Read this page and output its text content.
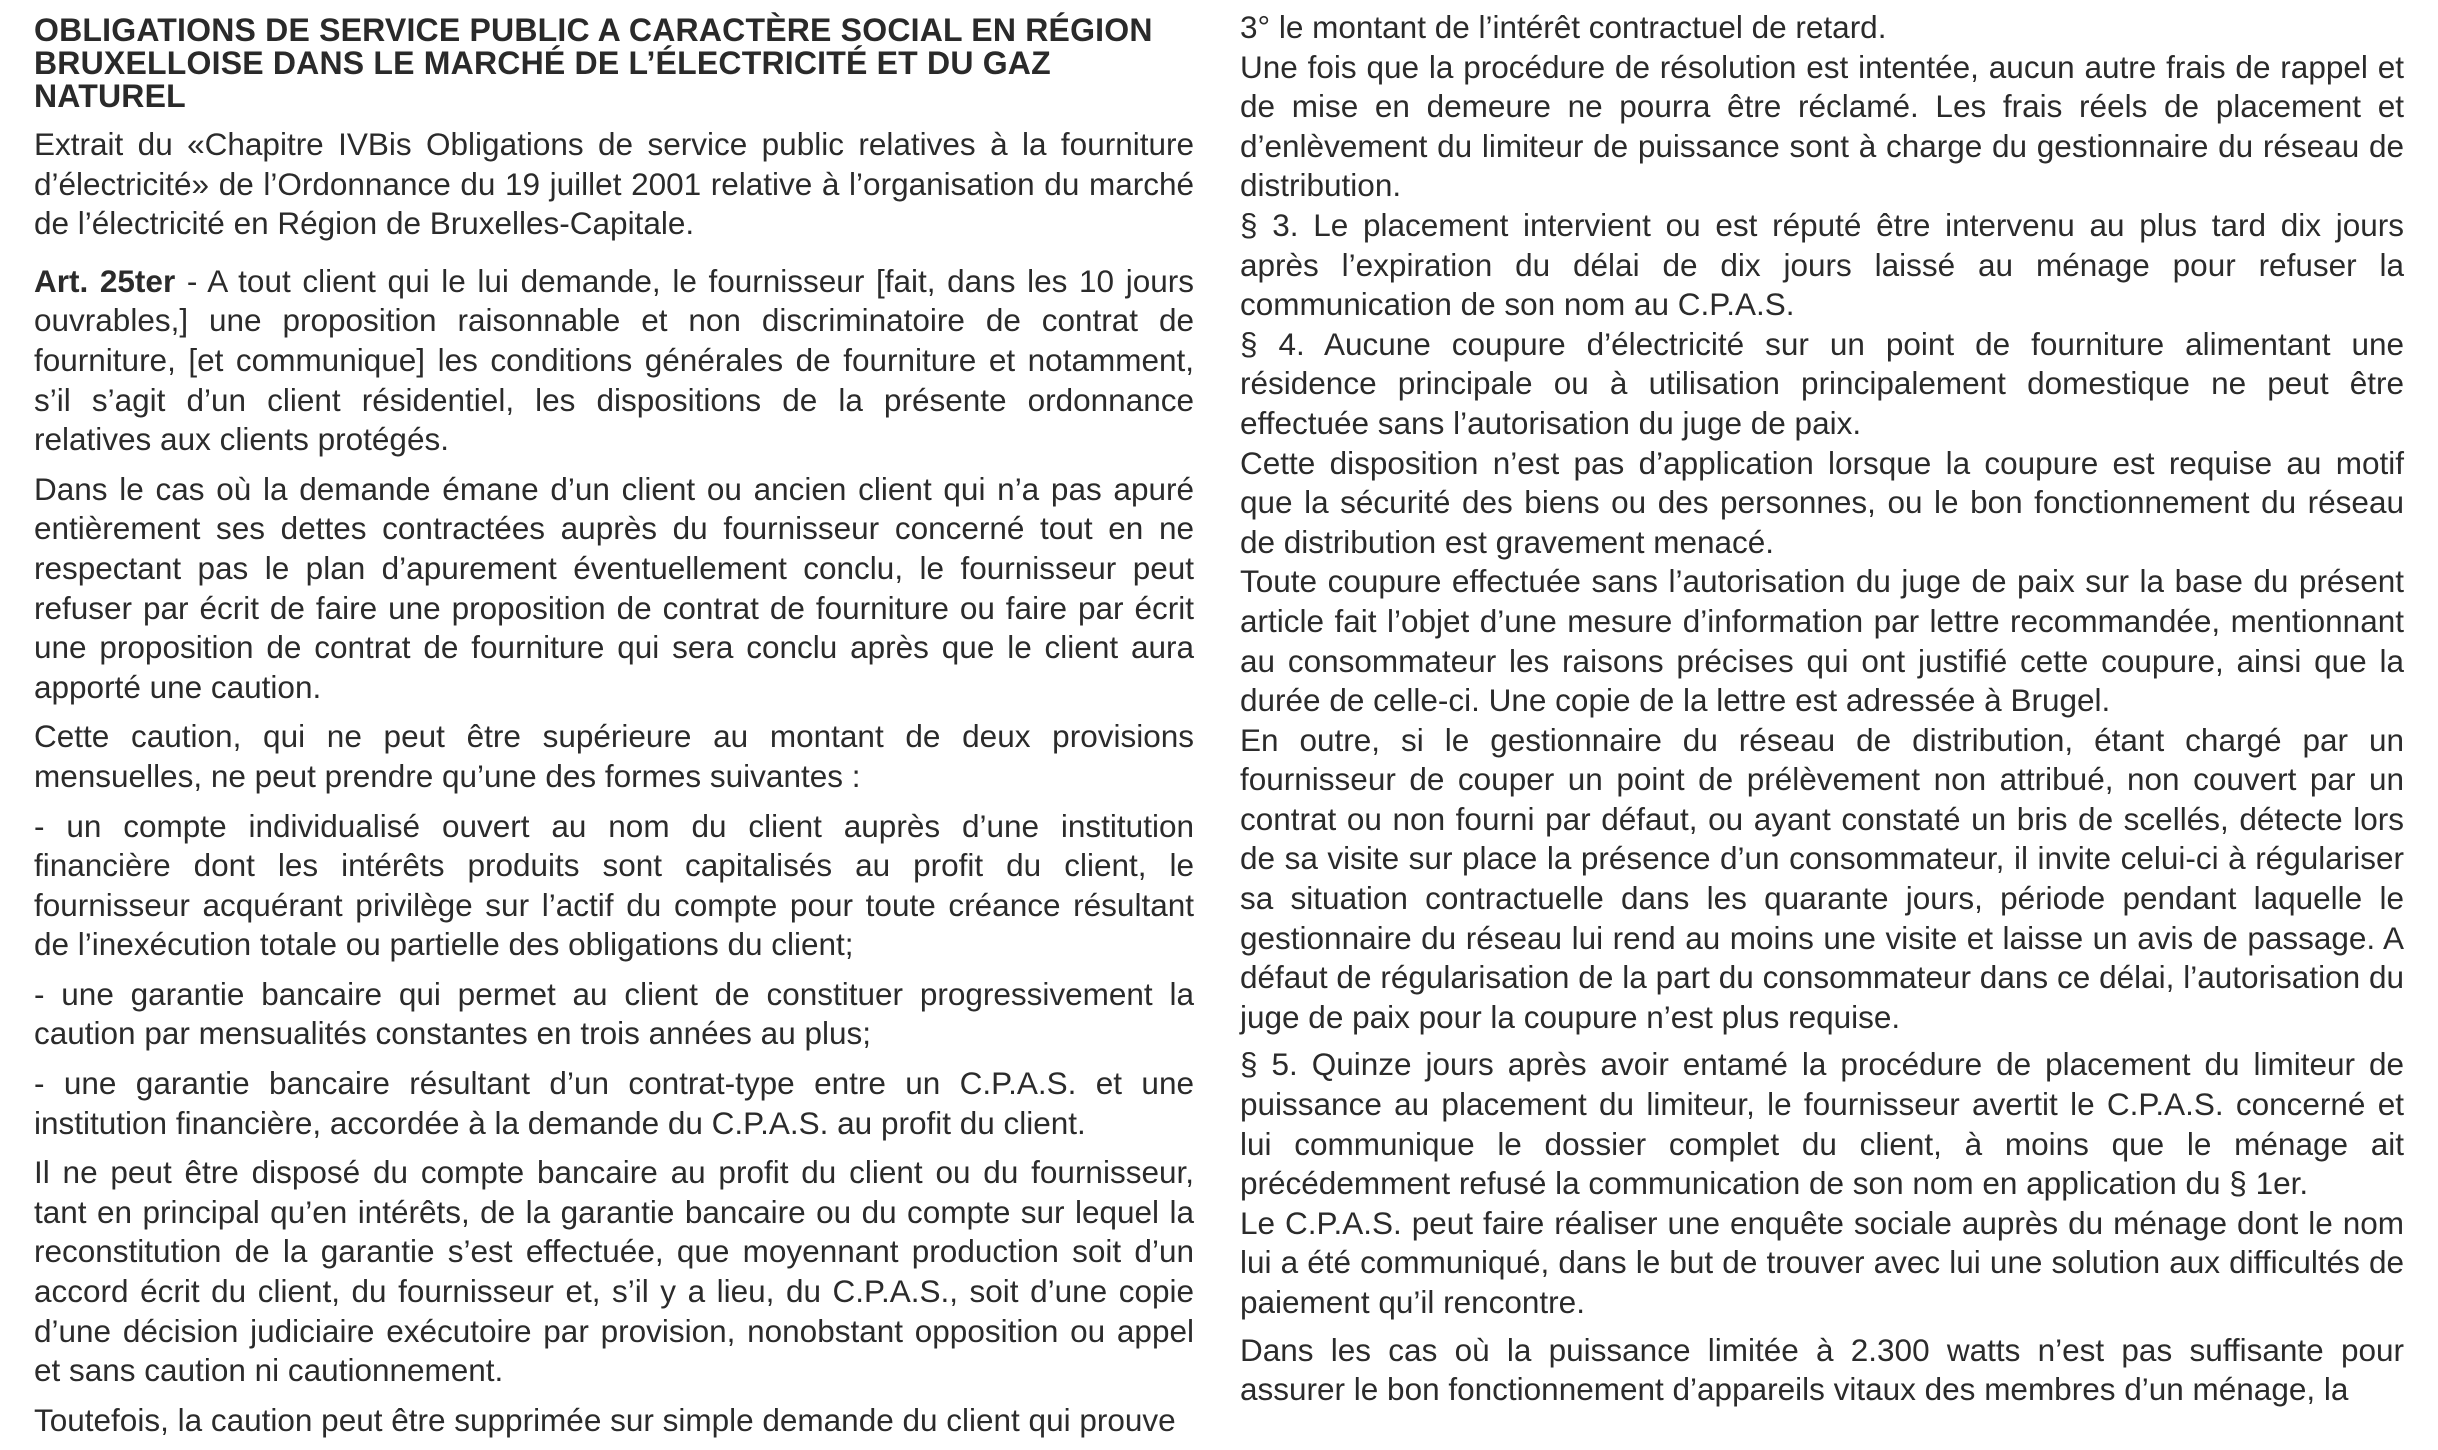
OBLIGATIONS DE SERVICE PUBLIC A CARACTÈRE SOCIAL EN RÉGION
BRUXELLOISE DANS LE MARCHÉ DE L’ÉLECTRICITÉ ET DU GAZ NATUREL

Extrait du «Chapitre IVBis Obligations de service public relatives à la fourniture d’électricité» de l’Ordonnance du 19 juillet 2001 relative à l’organisation du marché de l’électricité en Région de Bruxelles-Capitale.

Art. 25ter - A tout client qui le lui demande, le fournisseur [fait, dans les 10 jours ouvrables,] une proposition raisonnable et non discriminatoire de contrat de fourniture, [et communique] les conditions générales de fourniture et notamment, s’il s’agit d’un client résidentiel, les dispositions de la présente ordonnance relatives aux clients protégés.

Dans le cas où la demande émane d’un client ou ancien client qui n’a pas apuré entièrement ses dettes contractées auprès du fournisseur concerné tout en ne respectant pas le plan d’apurement éventuellement conclu, le fournisseur peut refuser par écrit de faire une proposition de contrat de fourniture ou faire par écrit une proposition de contrat de fourniture qui sera conclu après que le client aura apporté une caution.

Cette caution, qui ne peut être supérieure au montant de deux provisions mensuelles, ne peut prendre qu’une des formes suivantes :

- un compte individualisé ouvert au nom du client auprès d’une institution financière dont les intérêts produits sont capitalisés au profit du client, le fournisseur acquérant privilège sur l’actif du compte pour toute créance résultant de l’inexécution totale ou partielle des obligations du client;

- une garantie bancaire qui permet au client de constituer progressivement la caution par mensualités constantes en trois années au plus;

- une garantie bancaire résultant d’un contrat-type entre un C.P.A.S. et une institution financière, accordée à la demande du C.P.A.S. au profit du client.

Il ne peut être disposé du compte bancaire au profit du client ou du fournisseur, tant en principal qu’en intérêts, de la garantie bancaire ou du compte sur lequel la reconstitution de la garantie s’est effectuée, que moyennant production soit d’un accord écrit du client, du fournisseur et, s’il y a lieu, du C.P.A.S., soit d’une copie d’une décision judiciaire exécutoire par provision, nonobstant opposition ou appel et sans caution ni cautionnement.

Toutefois, la caution peut être supprimée sur simple demande du client qui prouve

3° le montant de l’intérêt contractuel de retard.

Une fois que la procédure de résolution est intentée, aucun autre frais de rappel et de mise en demeure ne pourra être réclamé. Les frais réels de placement et d’enlèvement du limiteur de puissance sont à charge du gestionnaire du réseau de distribution.

§ 3. Le placement intervient ou est réputé être intervenu au plus tard dix jours après l’expiration du délai de dix jours laissé au ménage pour refuser la communication de son nom au C.P.A.S.

§ 4. Aucune coupure d’électricité sur un point de fourniture alimentant une résidence principale ou à utilisation principalement domestique ne peut être effectuée sans l’autorisation du juge de paix.

Cette disposition n’est pas d’application lorsque la coupure est requise au motif que la sécurité des biens ou des personnes, ou le bon fonctionnement du réseau de distribution est gravement menacé.

Toute coupure effectuée sans l’autorisation du juge de paix sur la base du présent article fait l’objet d’une mesure d’information par lettre recommandée, mentionnant au consommateur les raisons précises qui ont justifié cette coupure, ainsi que la durée de celle-ci. Une copie de la lettre est adressée à Brugel.

En outre, si le gestionnaire du réseau de distribution, étant chargé par un fournisseur de couper un point de prélèvement non attribué, non couvert par un contrat ou non fourni par défaut, ou ayant constaté un bris de scellés, détecte lors de sa visite sur place la présence d’un consommateur, il invite celui-ci à régulariser sa situation contractuelle dans les quarante jours, période pendant laquelle le gestionnaire du réseau lui rend au moins une visite et laisse un avis de passage. A défaut de régularisation de la part du consommateur dans ce délai, l’autorisation du juge de paix pour la coupure n’est plus requise.

§ 5. Quinze jours après avoir entamé la procédure de placement du limiteur de puissance au placement du limiteur, le fournisseur avertit le C.P.A.S. concerné et lui communique le dossier complet du client, à moins que le ménage ait précédemment refusé la communication de son nom en application du § 1er.

Le C.P.A.S. peut faire réaliser une enquête sociale auprès du ménage dont le nom lui a été communiqué, dans le but de trouver avec lui une solution aux difficultés de paiement qu’il rencontre.

Dans les cas où la puissance limitée à 2.300 watts n’est pas suffisante pour assurer le bon fonctionnement d’appareils vitaux des membres d’un ménage, la
